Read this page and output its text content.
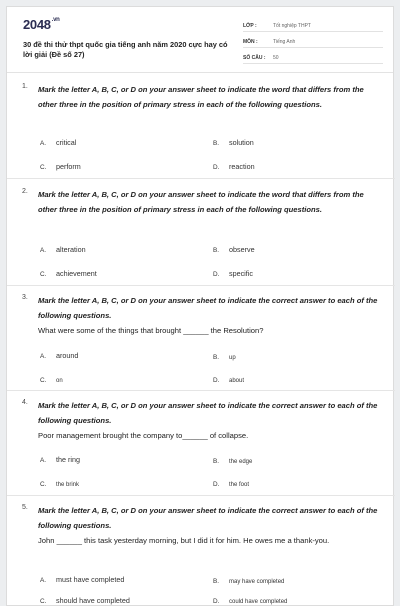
$2048^{.vn}$
30 đề thi thử thpt quốc gia tiếng anh năm 2020 cực hay có lời giải (Đề số 27)
LỚP :	Tốt nghiệp THPT
MÔN :	Tiếng Anh
SỐ CÂU :	50
1. Mark the letter A, B, C, or D on your answer sheet to indicate the word that differs from the other three in the position of primary stress in each of the following questions.
A. critical	B. solution
C. perform	D. reaction
2. Mark the letter A, B, C, or D on your answer sheet to indicate the word that differs from the other three in the position of primary stress in each of the following questions.
A. alteration	B. observe
C. achievement	D. specific
3. Mark the letter A, B, C, or D on your answer sheet to indicate the correct answer to each of the following questions.
What were some of the things that brought ______ the Resolution?
A. around	B. up
C. on	D. about
4. Mark the letter A, B, C, or D on your answer sheet to indicate the correct answer to each of the following questions.
Poor management brought the company to______ of collapse.
A. the ring	B. the edge
C. the brink	D. the foot
5. Mark the letter A, B, C, or D on your answer sheet to indicate the correct answer to each of the following questions.
John ______ this task yesterday morning, but I did it for him. He owes me a thank-you.
A. must have completed	B. may have completed
C. should have completed	D. could have completed
